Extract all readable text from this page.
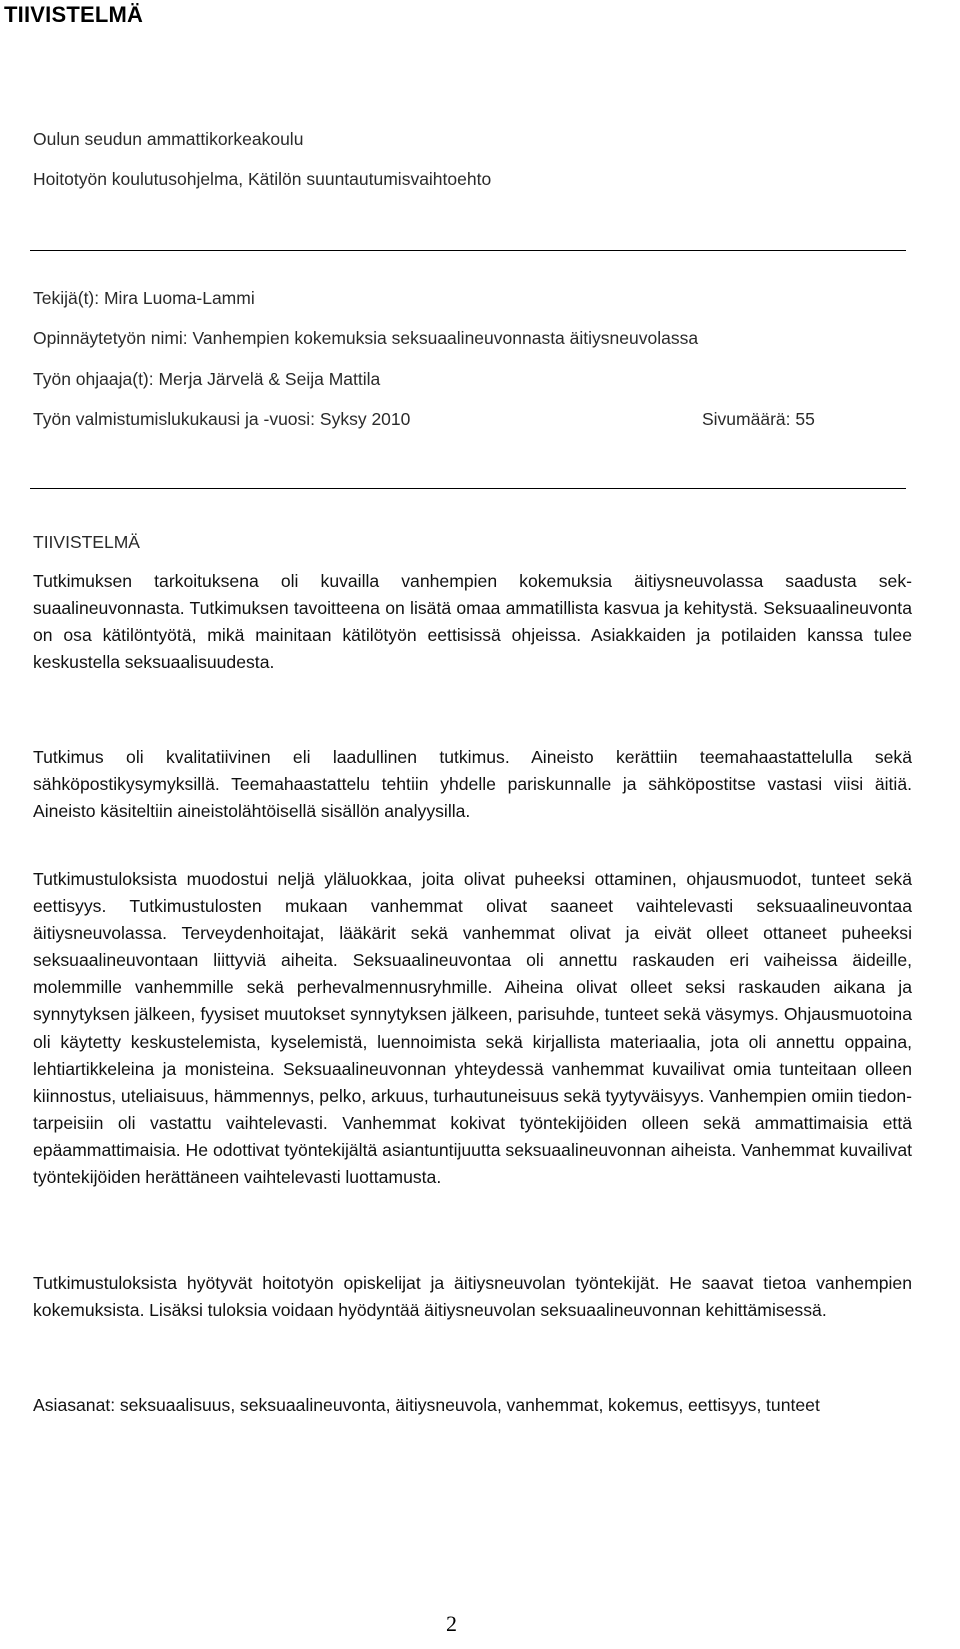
TIIVISTELMÄ

Oulun seudun ammattikorkeakoulu

Hoitotyön koulutusohjelma, Kätilön suuntautumisvaihtoehto

Tekijä(t): Mira Luoma-Lammi

Opinnäytetyön nimi: Vanhempien kokemuksia seksuaalineuvonnasta äitiysneuvolassa

Työn ohjaaja(t): Merja Järvelä & Seija Mattila

Työn valmistumislukukausi ja -vuosi: Syksy 2010	Sivumäärä: 55

TIIVISTELMÄ

Tutkimuksen tarkoituksena oli kuvailla vanhempien kokemuksia äitiysneuvolassa saadusta seksuaalineuvonnasta. Tutkimuksen tavoitteena on lisätä omaa ammatillista kasvua ja kehitystä. Seksuaalineuvonta on osa kätilöntyötä, mikä mainitaan kätilötyön eettisissä ohjeissa. Asiakkaiden ja potilaiden kanssa tulee keskustella seksuaalisuudesta.

Tutkimus oli kvalitatiivinen eli laadullinen tutkimus. Aineisto kerättiin teemahaastattelulla sekä sähköpostikysymyksillä. Teemahaastattelu tehtiin yhdelle pariskunnalle ja sähköpostitse vastasi viisi äitiä. Aineisto käsiteltiin aineistolähtöisellä sisällön analyysilla.

Tutkimustuloksista muodostui neljä yläluokkaa, joita olivat puheeksi ottaminen, ohjausmuodot, tunteet sekä eettisyys. Tutkimustulosten mukaan vanhemmat olivat saaneet vaihtelevasti seksuaalineuvontaa äitiysneuvolassa. Terveydenhoitajat, lääkärit sekä vanhemmat olivat ja eivät olleet ottaneet puheeksi seksuaalineuvontaan liittyviä aiheita. Seksuaalineuvontaa oli annettu raskauden eri vaiheissa äideille, molemmille vanhemmille sekä perhevalmennusryhmille. Aiheina olivat olleet seksi raskauden aikana ja synnytyksen jälkeen, fyysiset muutokset synnytyksen jälkeen, parisuhde, tunteet sekä väsymys. Ohjausmuotoina oli käytetty keskustelemista, kyselemistä, luennoimista sekä kirjallista materiaalia, jota oli annettu oppaina, lehtiartikkeleina ja monisteina. Seksuaalineuvonnan yhteydessä vanhemmat kuvailivat omia tunteitaan olleen kiinnostus, uteliaisuus, hämmennys, pelko, arkuus, turhautuneisuus sekä tyytyväisyys. Vanhempien omiin tiedontarpeisiin oli vastattu vaihtelevasti. Vanhemmat kokivat työntekijöiden olleen sekä ammattimaisia että epäammattimaisia. He odottivat työntekijältä asiantuntijuutta seksuaalineuvonnan aiheista. Vanhemmat kuvailivat työntekijöiden herättäneen vaihtelevasti luottamusta.

Tutkimustuloksista hyötyvät hoitotyön opiskelijat ja äitiysneuvolan työntekijät. He saavat tietoa vanhempien kokemuksista. Lisäksi tuloksia voidaan hyödyntää äitiysneuvolan seksuaalineuvonnan kehittämisessä.

Asiasanat: seksuaalisuus, seksuaalineuvonta, äitiysneuvola, vanhemmat, kokemus, eettisyys, tunteet

2
